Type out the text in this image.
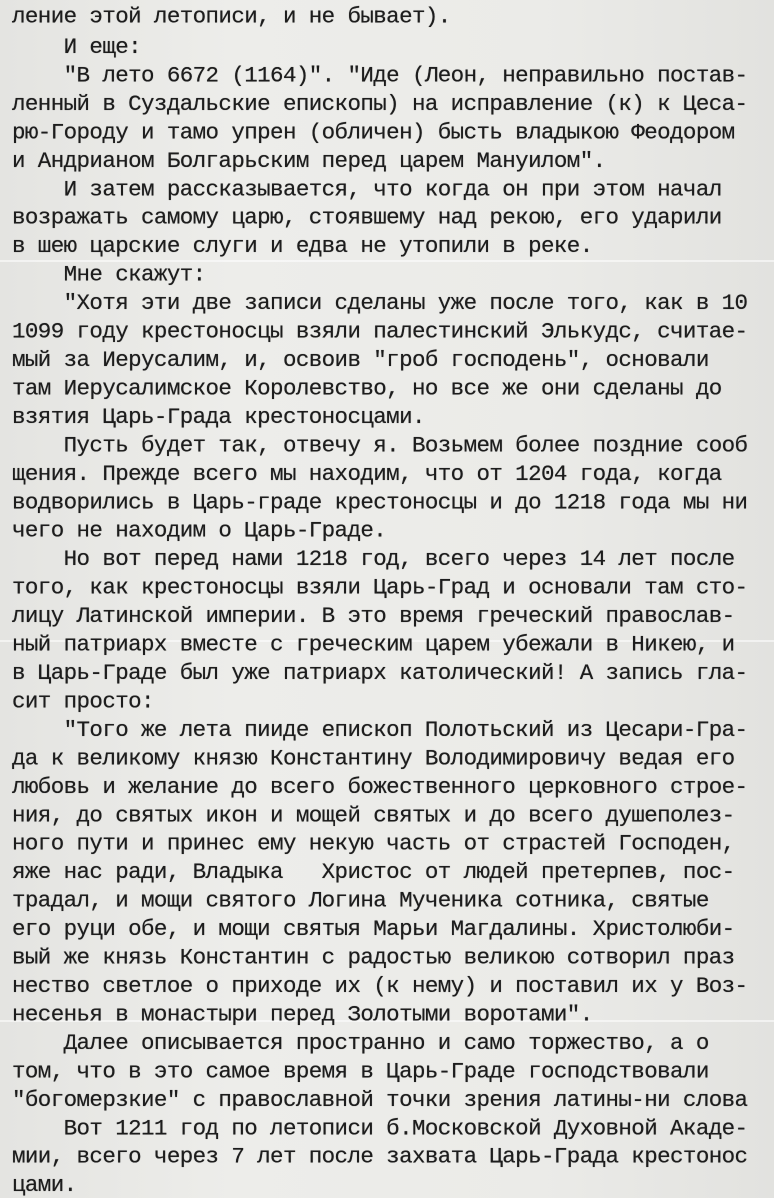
ление этой летописи, и не бывает).
И еще:
"В лето 6672 (1164)". "Иде (Леон, неправильно постав-
ленный в Суздальские епископы) на исправление (к) к Цеса-
рю-Городу и тамо упрен (обличен) бысть владыкою Феодором
и Андрианом Болгарьским перед царем Мануилом".
И затем рассказывается, что когда он при этом начал
возражать самому царю, стоявшему над рекою, его ударили
в шею царские слуги и едва не утопили в реке.
Мне скажут:
"Хотя эти две записи сделаны уже после того, как в 10
1099 году крестоносцы взяли палестинский Элькудс, считае-
мый за Иерусалим, и, освоив "гроб господень", основали
там Иерусалимское Королевство, но все же они сделаны до
взятия Царь-Града крестоносцами.
Пусть будет так, отвечу я. Возьмем более поздние сооб
щения. Прежде всего мы находим, что от 1204 года, когда
водворились в Царь-граде крестоносцы и до 1218 года мы ни
чего не находим о Царь-Граде.
Но вот перед нами 1218 год, всего через 14 лет после
того, как крестоносцы взяли Царь-Град и основали там сто-
лицу Латинской империи. В это время греческий православ-
ный патриарх вместе с греческим царем убежали в Никею, и
в Царь-Граде был уже патриарх католический! А запись гла-
сит просто:
"Того же лета пииде епископ Полотьский из Цесари-Гра-
да к великому князю Константину Володимировичу ведая его
любовь и желание до всего божественного церковного строе-
ния, до святых икон и мощей святых и до всего душеполез-
ного пути и принес ему некую часть от страстей Господен,
яже нас ради, Владыка   Христос от людей претерпев, пос-
традал, и мощи святого Логина Мученика сотника, святые
его руци обе, и мощи святыя Марьи Магдалины. Христолюби-
вый же князь Константин с радостью великою сотворил праз
нество светлое о приходе их (к нему) и поставил их у Воз-
несенья в монастыри перед Золотыми воротами".
Далее описывается пространно и само торжество, а о
том, что в это самое время в Царь-Граде господствовали
"богомерзкие" с православной точки зрения латины-ни слова
Вот 1211 год по летописи б.Московской Духовной Акаде-
мии, всего через 7 лет после захвата Царь-Града крестонос
цами.
